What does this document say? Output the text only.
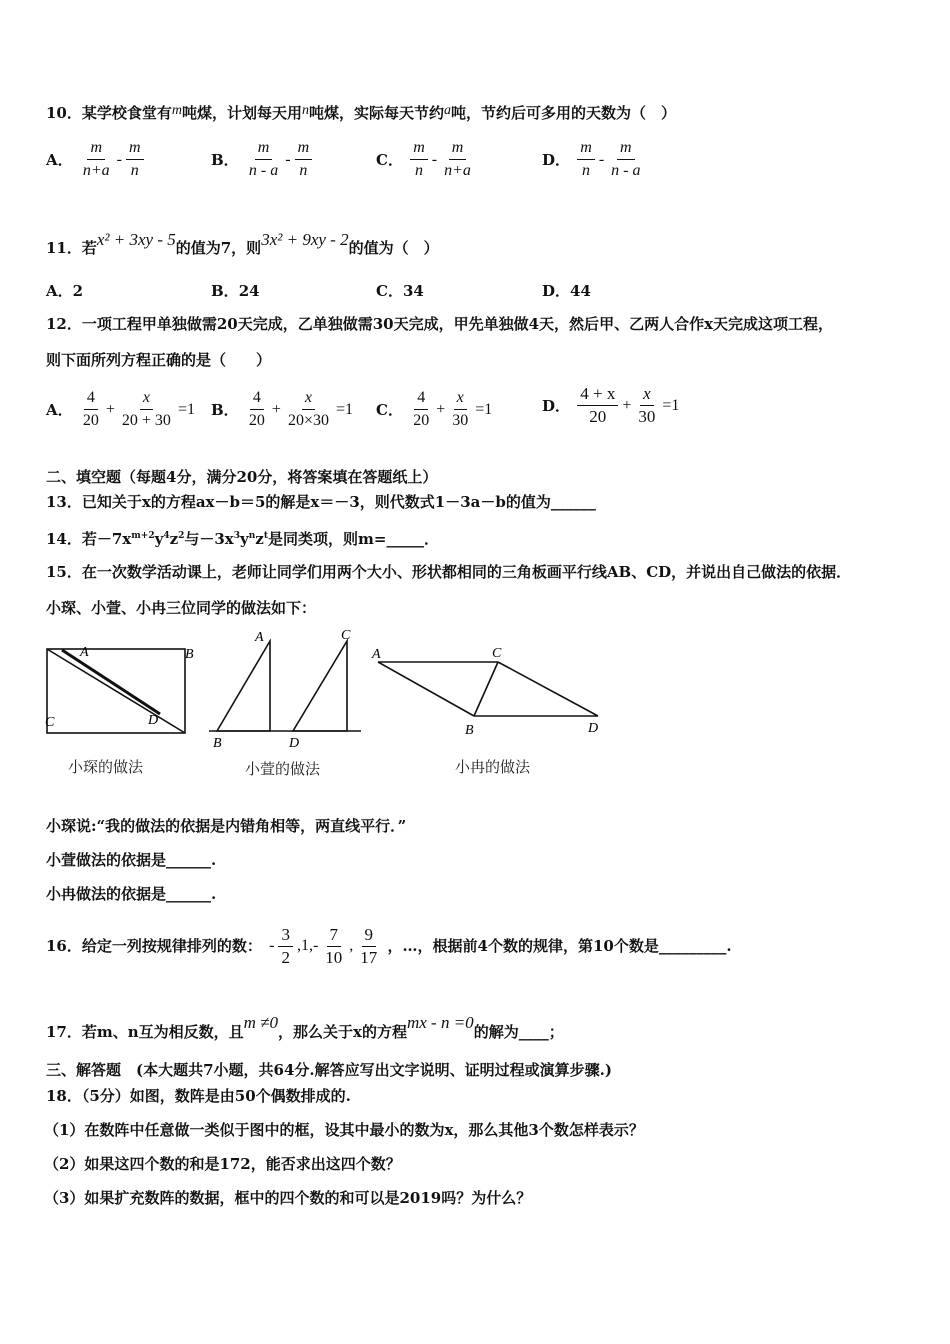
10．某学校食堂有m吨煤，计划每天用n吨煤，实际每天节约a吨，节约后可多用的天数为（　）
A． $\frac{m}{n+a} - \frac{m}{n}$	B． $\frac{m}{n - a} - \frac{m}{n}$	C． $\frac{m}{n} - \frac{m}{n+a}$	D． $\frac{m}{n} - \frac{m}{n - a}$
11．若x² + 3xy - 5的值为7，则3x² + 9xy - 2的值为（　）
A．2	B．24	C．34	D．44
12．一项工程甲单独做需20天完成，乙单独做需30天完成，甲先单独做4天，然后甲、乙两人合作x天完成这项工程，
则下面所列方程正确的是（　　）
A． $\frac{4}{20} + \frac{x}{20 + 30} =1$ B． $\frac{4}{20} + \frac{x}{20\times 30} =1$ C． $\frac{4}{20} + \frac{x}{30} =1$	D． $\frac{4 + x}{20} + \frac{x}{30} =1$
二、填空题（每题4分，满分20分，将答案填在答题纸上）
13．已知关于x的方程ax－b＝5的解是x＝－3，则代数式1－3a－b的值为______
14．若$-7x^{m+2}y^4z^2$与$-3x^3y^nz^t$是同类项，则m=_____．
15．在一次数学活动课上，老师让同学们用两个大小、形状都相同的三角板画平行线AB、CD，并说出自己做法的依据．
小琛、小萱、小冉三位同学的做法如下：
A	B
C	D
小琛的做法
A	C
B	D
小萱的做法
A	C
B	D
小冉的做法
小琛说:“我的做法的依据是内错角相等，两直线平行．”
小萱做法的依据是______.
小冉做法的依据是______.
16．给定一列按规律排列的数： - $\frac{3}{2} ,1,- \frac{7}{10}$ , $\frac{9}{17}$ ，…，根据前4个数的规律，第10个数是_________.
17．若m、n互为相反数，且m ≠0，那么关于x的方程mx - n =0的解为____；
三、解答题　(本大题共7小题，共64分.解答应写出文字说明、证明过程或演算步骤.)
18．（5分）如图，数阵是由50个偶数排成的.
（1）在数阵中任意做一类似于图中的框，设其中最小的数为x，那么其他3个数怎样表示？
（2）如果这四个数的和是172，能否求出这四个数？
（3）如果扩充数阵的数据，框中的四个数的和可以是2019吗？为什么？
